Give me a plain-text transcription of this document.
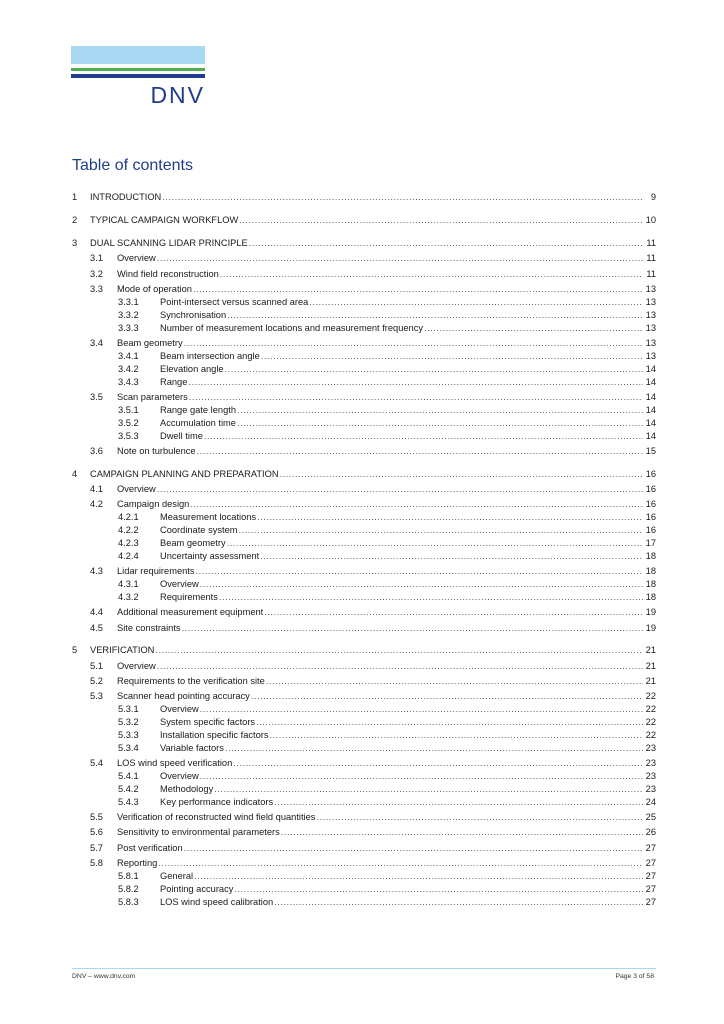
DNV
Table of contents
1	INTRODUCTION .....	9
2	TYPICAL CAMPAIGN WORKFLOW .....	10
3	DUAL SCANNING LIDAR PRINCIPLE .....	11
3.1	Overview .....	11
3.2	Wind field reconstruction .....	11
3.3	Mode of operation .....	13
3.3.1	Point-intersect versus scanned area .....	13
3.3.2	Synchronisation .....	13
3.3.3	Number of measurement locations and measurement frequency .....	13
3.4	Beam geometry .....	13
3.4.1	Beam intersection angle .....	13
3.4.2	Elevation angle .....	14
3.4.3	Range .....	14
3.5	Scan parameters .....	14
3.5.1	Range gate length .....	14
3.5.2	Accumulation time .....	14
3.5.3	Dwell time .....	14
3.6	Note on turbulence .....	15
4	CAMPAIGN PLANNING AND PREPARATION .....	16
4.1	Overview .....	16
4.2	Campaign design .....	16
4.2.1	Measurement locations .....	16
4.2.2	Coordinate system .....	16
4.2.3	Beam geometry .....	17
4.2.4	Uncertainty assessment .....	18
4.3	Lidar requirements .....	18
4.3.1	Overview .....	18
4.3.2	Requirements .....	18
4.4	Additional measurement equipment .....	19
4.5	Site constraints .....	19
5	VERIFICATION .....	21
5.1	Overview .....	21
5.2	Requirements to the verification site .....	21
5.3	Scanner head pointing accuracy .....	22
5.3.1	Overview .....	22
5.3.2	System specific factors .....	22
5.3.3	Installation specific factors .....	22
5.3.4	Variable factors .....	23
5.4	LOS wind speed verification .....	23
5.4.1	Overview .....	23
5.4.2	Methodology .....	23
5.4.3	Key performance indicators .....	24
5.5	Verification of reconstructed wind field quantities .....	25
5.6	Sensitivity to environmental parameters .....	26
5.7	Post verification .....	27
5.8	Reporting .....	27
5.8.1	General .....	27
5.8.2	Pointing accuracy .....	27
5.8.3	LOS wind speed calibration .....	27
DNV – www.dnv.com	Page 3 of 58
